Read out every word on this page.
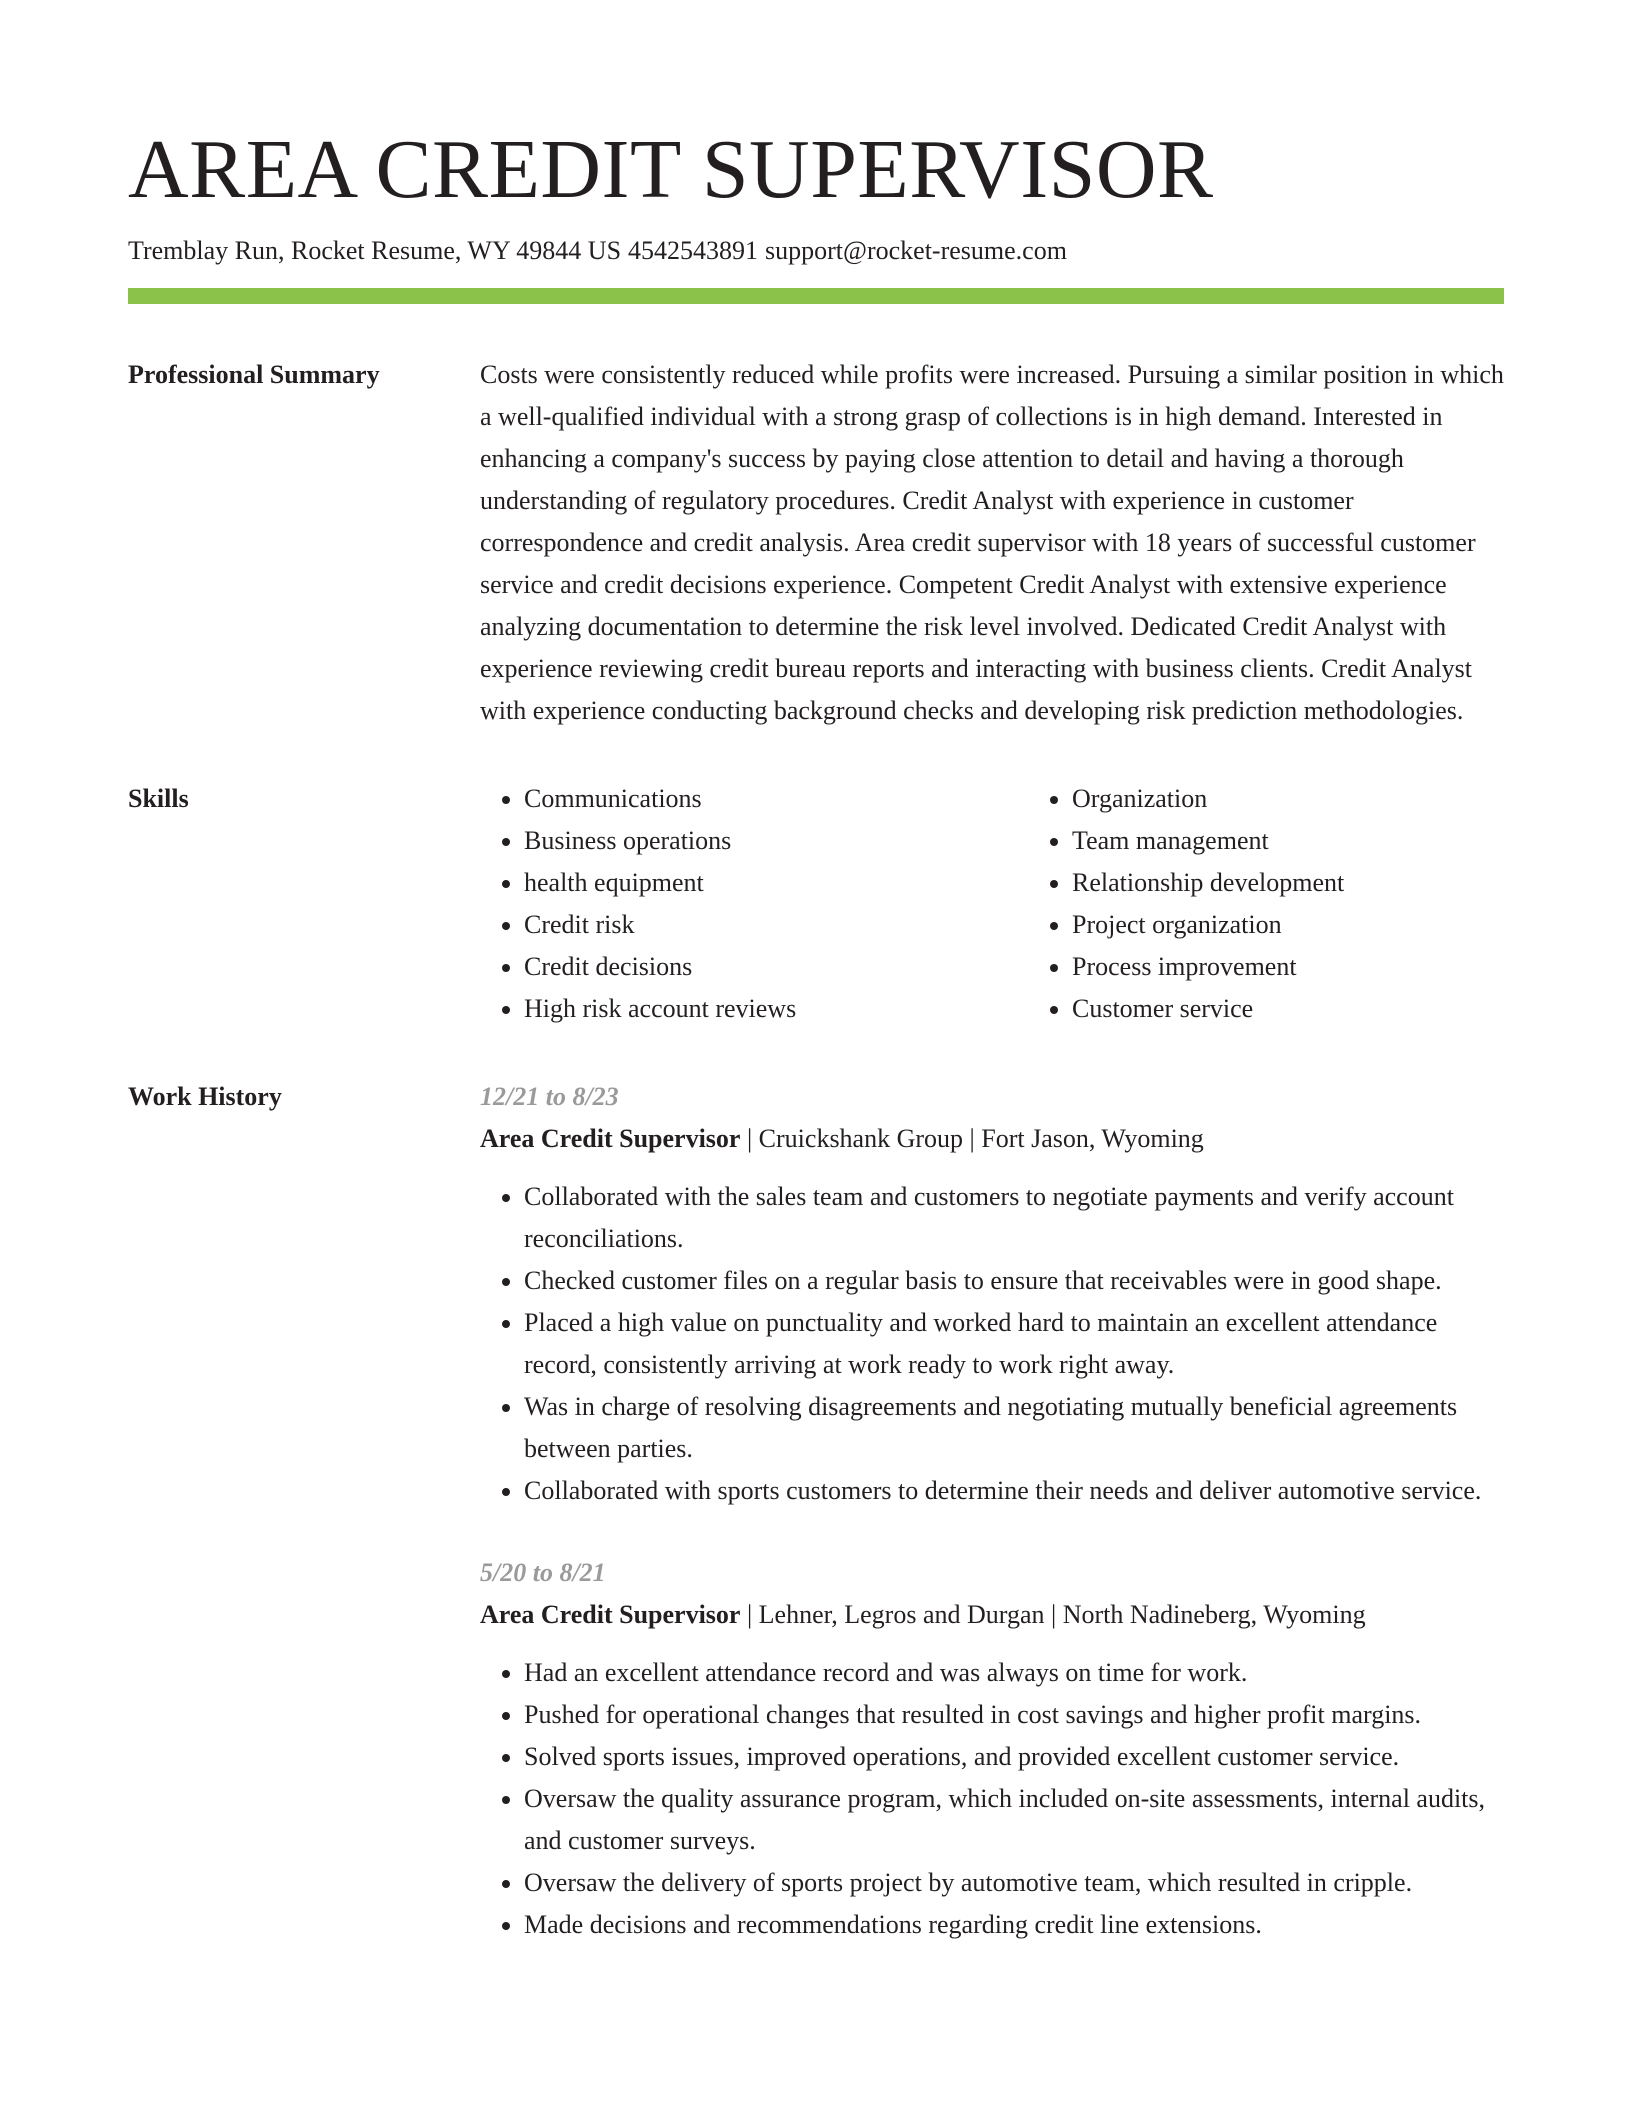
AREA CREDIT SUPERVISOR
Tremblay Run, Rocket Resume, WY 49844 US 4542543891 support@rocket-resume.com
Professional Summary	Costs were consistently reduced while profits were increased. Pursuing a similar position in which a well-qualified individual with a strong grasp of collections is in high demand. Interested in enhancing a company's success by paying close attention to detail and having a thorough understanding of regulatory procedures. Credit Analyst with experience in customer correspondence and credit analysis. Area credit supervisor with 18 years of successful customer service and credit decisions experience. Competent Credit Analyst with extensive experience analyzing documentation to determine the risk level involved. Dedicated Credit Analyst with experience reviewing credit bureau reports and interacting with business clients. Credit Analyst with experience conducting background checks and developing risk prediction methodologies.

Skills
•	Communications
• Business operations
• health equipment
• Credit risk
• Credit decisions
• High risk account reviews
• Organization
• Team management
• Relationship development
• Project organization
• Process improvement
• Customer service
Work History	12/21 to 8/23
Area Credit Supervisor | Cruickshank Group | Fort Jason, Wyoming
• Collaborated with the sales team and customers to negotiate payments and verify account reconciliations.
• Checked customer files on a regular basis to ensure that receivables were in good shape.
• Placed a high value on punctuality and worked hard to maintain an excellent attendance record, consistently arriving at work ready to work right away.
• Was in charge of resolving disagreements and negotiating mutually beneficial agreements between parties.
• Collaborated with sports customers to determine their needs and deliver automotive service.
5/20 to 8/21
Area Credit Supervisor | Lehner, Legros and Durgan | North Nadineberg, Wyoming
• Had an excellent attendance record and was always on time for work.
• Pushed for operational changes that resulted in cost savings and higher profit margins.
• Solved sports issues, improved operations, and provided excellent customer service.
• Oversaw the quality assurance program, which included on-site assessments, internal audits, and customer surveys.
• Oversaw the delivery of sports project by automotive team, which resulted in cripple.
• Made decisions and recommendations regarding credit line extensions.
